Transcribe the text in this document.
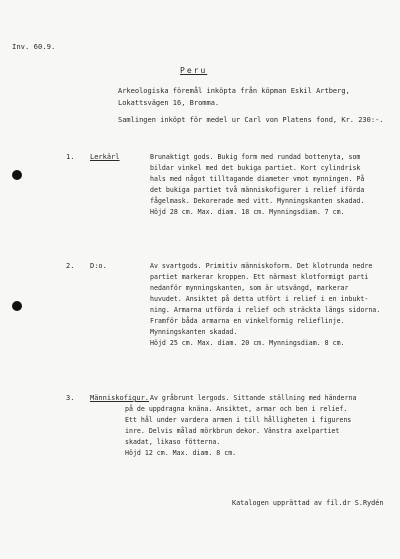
Inv. 60.9.
Peru
Arkeologiska föremål inköpta från köpman Eskil Artberg,
Lokattsvägen 16, Bromma.
Samlingen inköpt för medel ur Carl von Platens fond, Kr. 230:-.
1. Lerkärl	Brunaktigt gods. Bukig form med rundad bottenyta, som
bildar vinkel med det bukiga partiet. Kort cylindrisk
hals med något tilltagande diameter vmot mynningen. På
det bukiga partiet två människofigurer i relief iförda
fågelmask. Dekorerade med vitt. Mynningskanten skadad.
Höjd 28 cm. Max. diam. 18 cm. Mynningsdiam. 7 cm.
2. D:o.	Av svartgods. Primitiv människoform. Det klotrunda nedre
partiet markerar kroppen. Ett närmast klotformigt parti
nedanför mynningskanten, som är utsvängd, markerar
huvudet. Ansiktet på detta utfört i relief i en inbukt-
ning. Armarna utförda i relief och sträckta längs sidorna.
Framför båda armarna en vinkelformig relieflinje.
Mynningskanten skadad.
Höjd 25 cm. Max. diam. 20 cm. Mynningsdiam. 8 cm.
3. Människofigur. Av gråbrunt lergods. Sittande ställning med händerna
på de uppdragna knäna. Ansiktet, armar och ben i relief.
Ett hål under vardera armen i till hålligheten i figurens
inre. Delvis målad mörkbrun dekor. Vänstra axelpartiet
skadat, likaso fötterna.
Höjd 12 cm. Max. diam. 8 cm.
Katalogen upprättad av fil.dr S.Rydén
